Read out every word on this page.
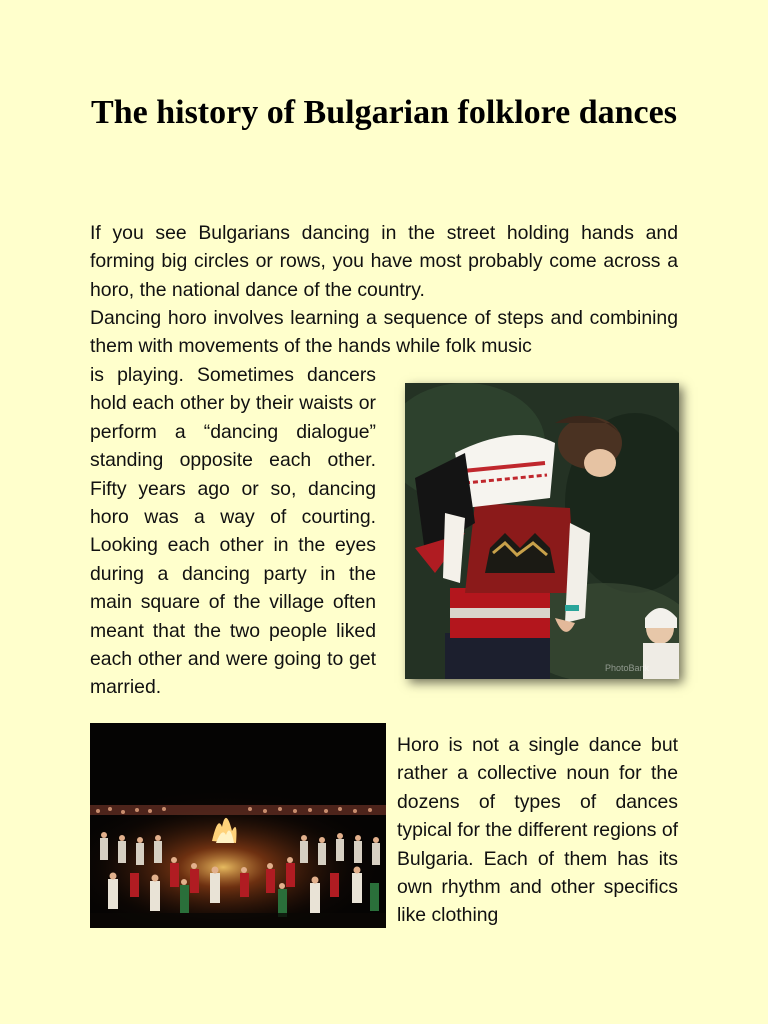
The history of Bulgarian folklore dances

If you see Bulgarians dancing in the street holding hands and forming big circles or rows, you have most probably come across a horo, the national dance of the country.

Dancing horo involves learning a sequence of steps and combining them with movements of the hands while folk music

is playing. Sometimes dancers hold each other by their waists or perform a “dancing dialogue” standing opposite each other. Fifty years ago or so, dancing horo was a way of courting. Looking each other in the eyes during a dancing party in the main square of the village often meant that the two people liked each other and were going to get married.

PhotoBank

Horo is not a single dance but rather a collective noun for the dozens of types of dances typical for the different regions of Bulgaria. Each of them has its own rhythm and other specifics like clothing
